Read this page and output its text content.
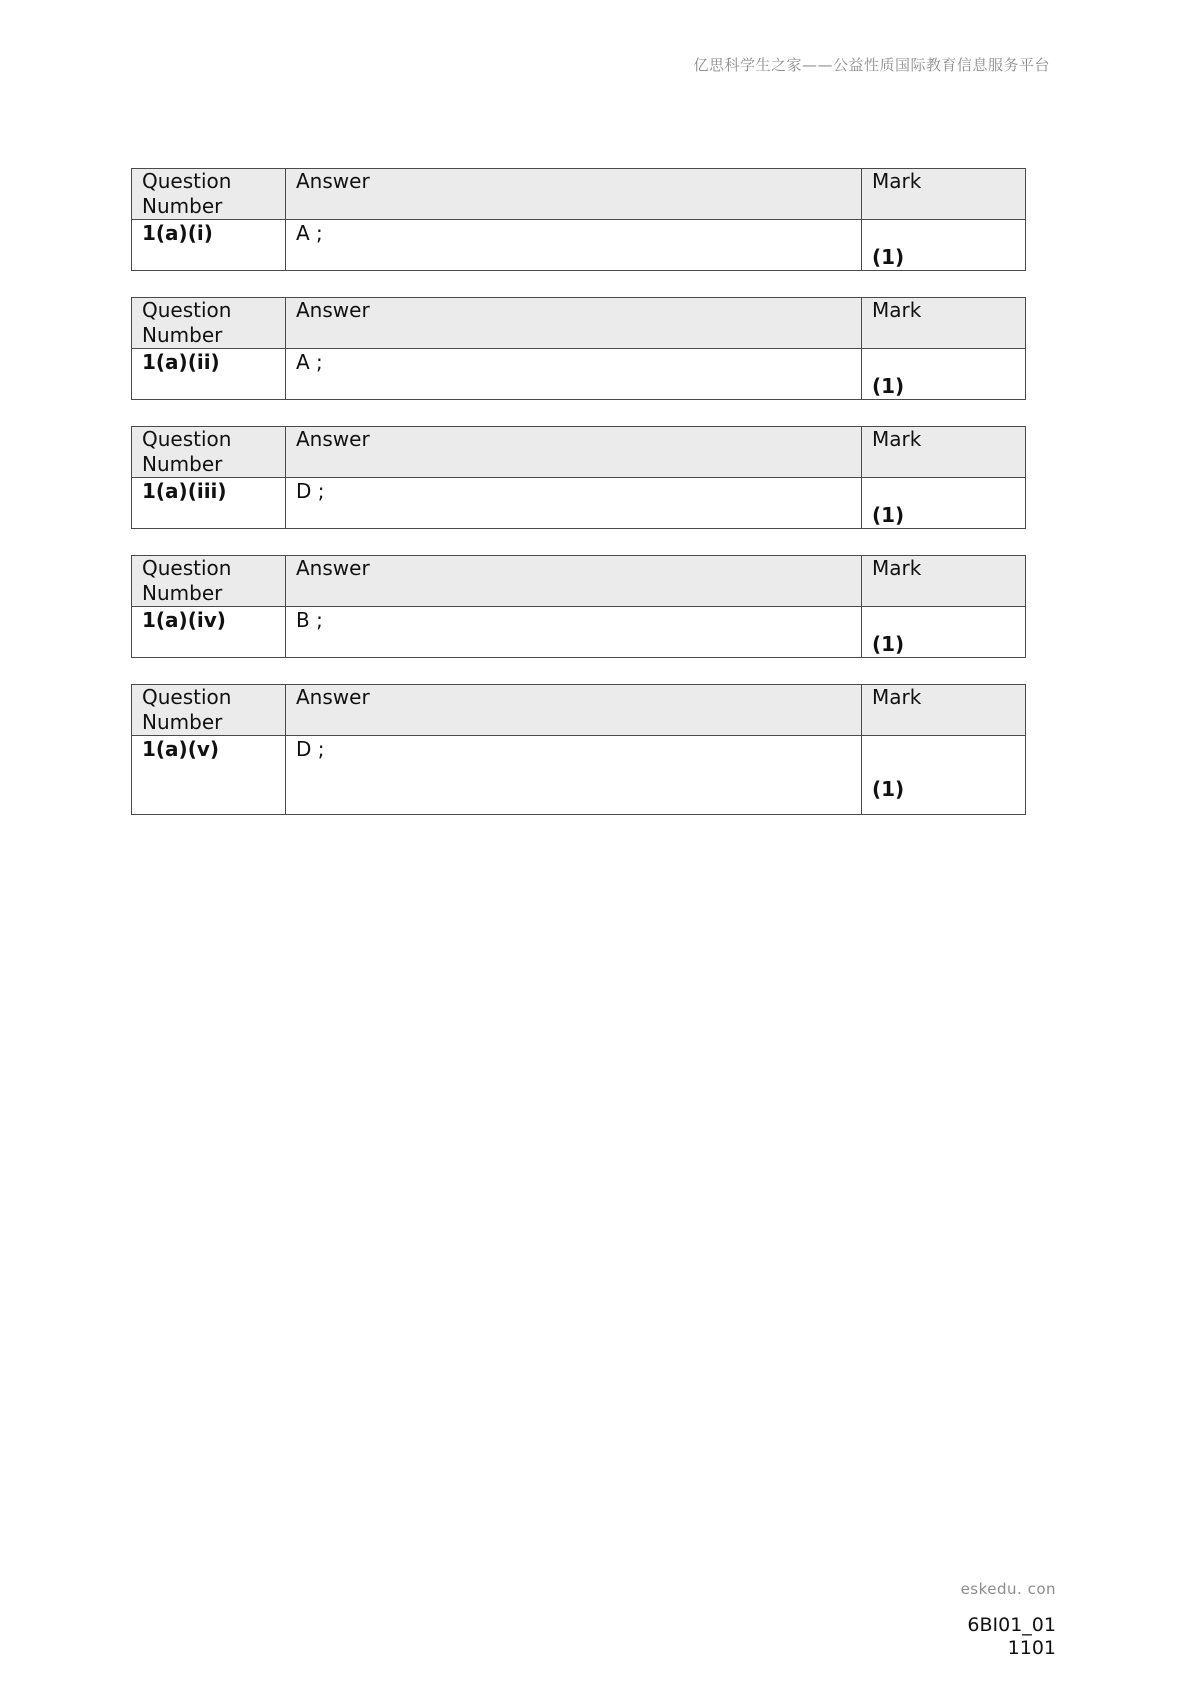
亿思科学生之家——公益性质国际教育信息服务平台
Question Number	Answer	Mark
1(a)(i)	A ;	(1)
Question Number	Answer	Mark
1(a)(ii)	A ;	(1)
Question Number	Answer	Mark
1(a)(iii)	D ;	(1)
Question Number	Answer	Mark
1(a)(iv)	B ;	(1)
Question Number	Answer	Mark
1(a)(v)	D ;	(1)
eskedu. con
6BI01_01
1101
